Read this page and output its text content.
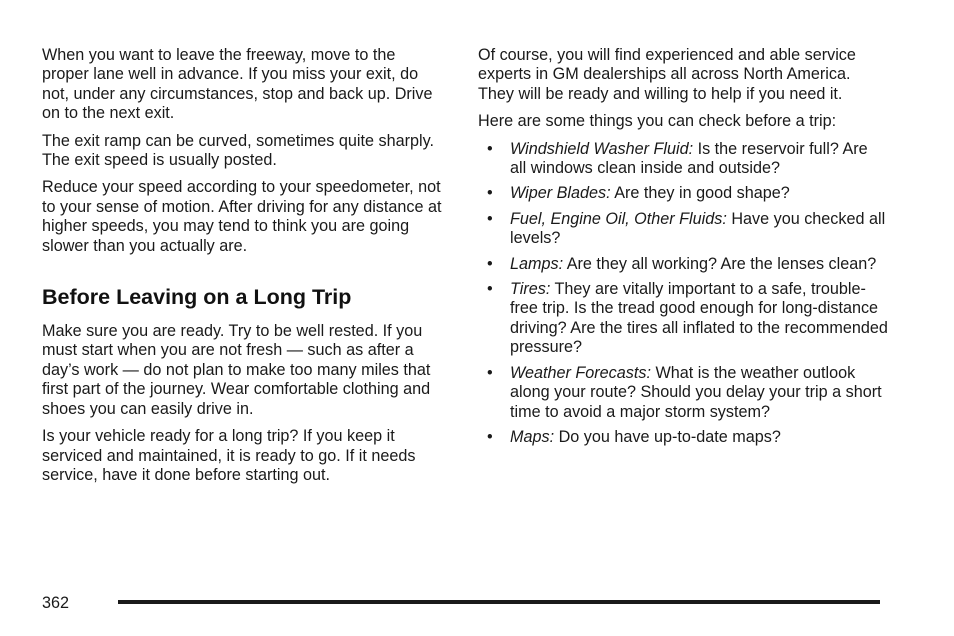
When you want to leave the freeway, move to the proper lane well in advance. If you miss your exit, do not, under any circumstances, stop and back up. Drive on to the next exit.

The exit ramp can be curved, sometimes quite sharply. The exit speed is usually posted.

Reduce your speed according to your speedometer, not to your sense of motion. After driving for any distance at higher speeds, you may tend to think you are going slower than you actually are.

Before Leaving on a Long Trip

Make sure you are ready. Try to be well rested. If you must start when you are not fresh — such as after a day’s work — do not plan to make too many miles that first part of the journey. Wear comfortable clothing and shoes you can easily drive in.

Is your vehicle ready for a long trip? If you keep it serviced and maintained, it is ready to go. If it needs service, have it done before starting out.

Of course, you will find experienced and able service experts in GM dealerships all across North America. They will be ready and willing to help if you need it.

Here are some things you can check before a trip:

• Windshield Washer Fluid: Is the reservoir full? Are all windows clean inside and outside?
• Wiper Blades: Are they in good shape?
• Fuel, Engine Oil, Other Fluids: Have you checked all levels?
• Lamps: Are they all working? Are the lenses clean?
• Tires: They are vitally important to a safe, trouble-free trip. Is the tread good enough for long-distance driving? Are the tires all inflated to the recommended pressure?
• Weather Forecasts: What is the weather outlook along your route? Should you delay your trip a short time to avoid a major storm system?
• Maps: Do you have up-to-date maps?
362
